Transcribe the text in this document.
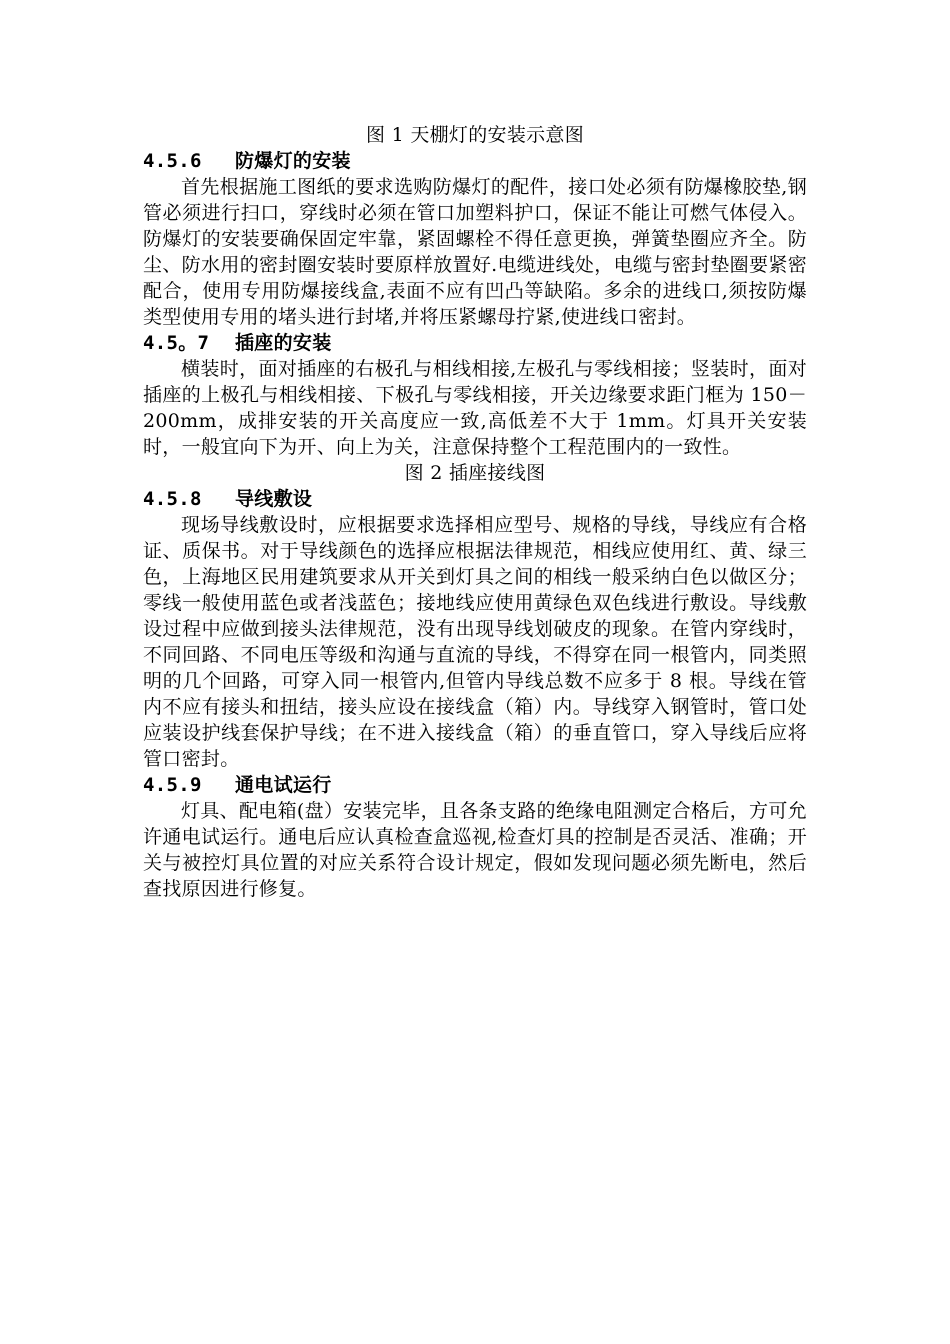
图 1 天棚灯的安装示意图

4.5.6 防爆灯的安装

首先根据施工图纸的要求选购防爆灯的配件，接口处必须有防爆橡胶垫,钢管必须进行扫口，穿线时必须在管口加塑料护口，保证不能让可燃气体侵入。防爆灯的安装要确保固定牢靠，紧固螺栓不得任意更换，弹簧垫圈应齐全。防尘、防水用的密封圈安装时要原样放置好.电缆进线处，电缆与密封垫圈要紧密配合，使用专用防爆接线盒,表面不应有凹凸等缺陷。多余的进线口,须按防爆类型使用专用的堵头进行封堵,并将压紧螺母拧紧,使进线口密封。

4.5。7 插座的安装

横装时，面对插座的右极孔与相线相接,左极孔与零线相接；竖装时，面对插座的上极孔与相线相接、下极孔与零线相接，开关边缘要求距门框为 150－200mm，成排安装的开关高度应一致,高低差不大于 1mm。灯具开关安装时，一般宜向下为开、向上为关，注意保持整个工程范围内的一致性。

图 2 插座接线图

4.5.8 导线敷设

现场导线敷设时，应根据要求选择相应型号、规格的导线，导线应有合格证、质保书。对于导线颜色的选择应根据法律规范，相线应使用红、黄、绿三色，上海地区民用建筑要求从开关到灯具之间的相线一般采纳白色以做区分；零线一般使用蓝色或者浅蓝色；接地线应使用黄绿色双色线进行敷设。导线敷设过程中应做到接头法律规范，没有出现导线划破皮的现象。在管内穿线时，不同回路、不同电压等级和沟通与直流的导线，不得穿在同一根管内，同类照明的几个回路，可穿入同一根管内,但管内导线总数不应多于 8 根。导线在管内不应有接头和扭结，接头应设在接线盒（箱）内。导线穿入钢管时，管口处应装设护线套保护导线；在不进入接线盒（箱）的垂直管口，穿入导线后应将管口密封。

4.5.9 通电试运行

灯具、配电箱(盘）安装完毕，且各条支路的绝缘电阻测定合格后，方可允许通电试运行。通电后应认真检查盒巡视,检查灯具的控制是否灵活、准确；开关与被控灯具位置的对应关系符合设计规定，假如发现问题必须先断电，然后查找原因进行修复。
